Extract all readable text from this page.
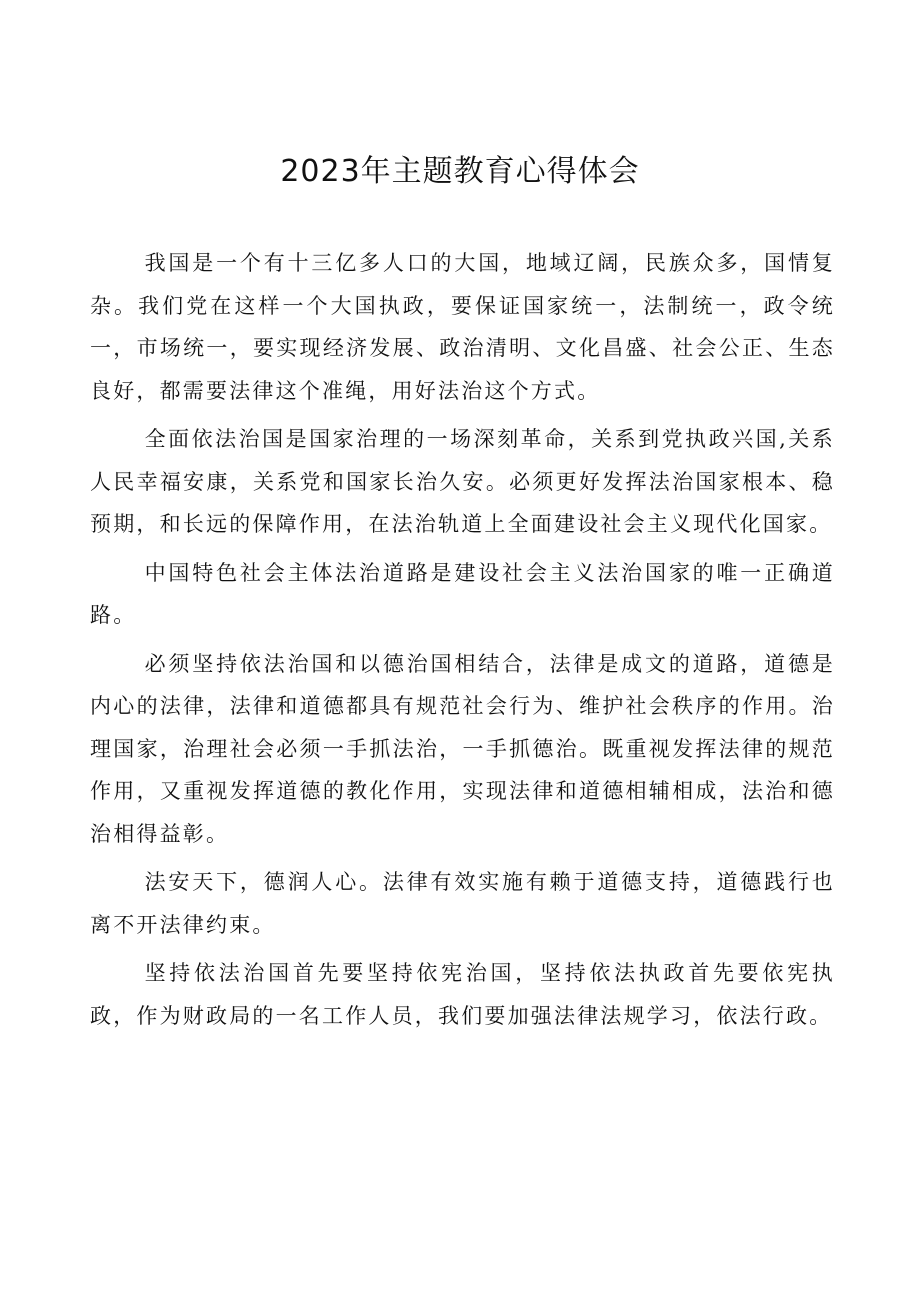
2023年主题教育心得体会

我国是一个有十三亿多人口的大国，地域辽阔，民族众多，国情复杂。我们党在这样一个大国执政，要保证国家统一，法制统一，政令统一，市场统一，要实现经济发展、政治清明、文化昌盛、社会公正、生态良好，都需要法律这个准绳，用好法治这个方式。

全面依法治国是国家治理的一场深刻革命，关系到党执政兴国,关系人民幸福安康，关系党和国家长治久安。必须更好发挥法治国家根本、稳预期，和长远的保障作用，在法治轨道上全面建设社会主义现代化国家。

中国特色社会主体法治道路是建设社会主义法治国家的唯一正确道路。

必须坚持依法治国和以德治国相结合，法律是成文的道路，道德是内心的法律，法律和道德都具有规范社会行为、维护社会秩序的作用。治理国家，治理社会必须一手抓法治，一手抓德治。既重视发挥法律的规范作用，又重视发挥道德的教化作用，实现法律和道德相辅相成，法治和德治相得益彰。

法安天下，德润人心。法律有效实施有赖于道德支持，道德践行也离不开法律约束。

坚持依法治国首先要坚持依宪治国，坚持依法执政首先要依宪执政，作为财政局的一名工作人员，我们要加强法律法规学习，依法行政。
